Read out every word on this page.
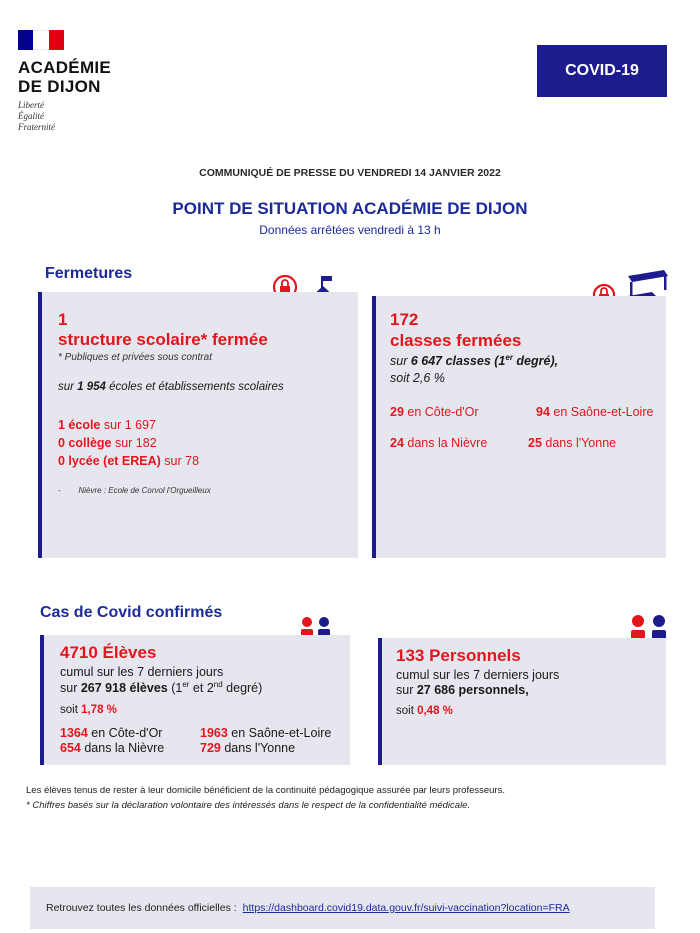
ACADÉMIE
DE DIJON
Liberté
Égalité
Fraternité
COVID-19
COMMUNIQUÉ DE PRESSE DU VENDREDI 14 JANVIER 2022
POINT DE SITUATION ACADÉMIE DE DIJON
Données arrêtées vendredi à 13 h
Fermetures
1
structure scolaire* fermée
* Publiques et privées sous contrat
sur 1 954 écoles et établissements scolaires
1 école sur 1 697
0 collège sur 182
0 lycée (et EREA) sur 78
-        Nièvre : Ecole de Corvol l'Orgueilleux
172
classes fermées
sur 6 647 classes (1er degré),
soit 2,6 %
29 en Côte-d'Or	94 en Saône-et-Loire
24 dans la Nièvre	25 dans l'Yonne
Cas de Covid confirmés
4710 Élèves
cumul sur les 7 derniers jours
sur 267 918 élèves (1er et 2nd degré)
soit 1,78 %
1364 en Côte-d'Or	1963 en Saône-et-Loire
654 dans la Nièvre	729 dans l'Yonne
133 Personnels
cumul sur les 7 derniers jours
sur 27 686 personnels,
soit 0,48 %
Les élèves tenus de rester à leur domicile bénéficient de la continuité pédagogique assurée par leurs professeurs.
* Chiffres basés sur la déclaration volontaire des intéressés dans le respect de la confidentialité médicale.
Retrouvez toutes les données officielles : https://dashboard.covid19.data.gouv.fr/suivi-vaccination?location=FRA
